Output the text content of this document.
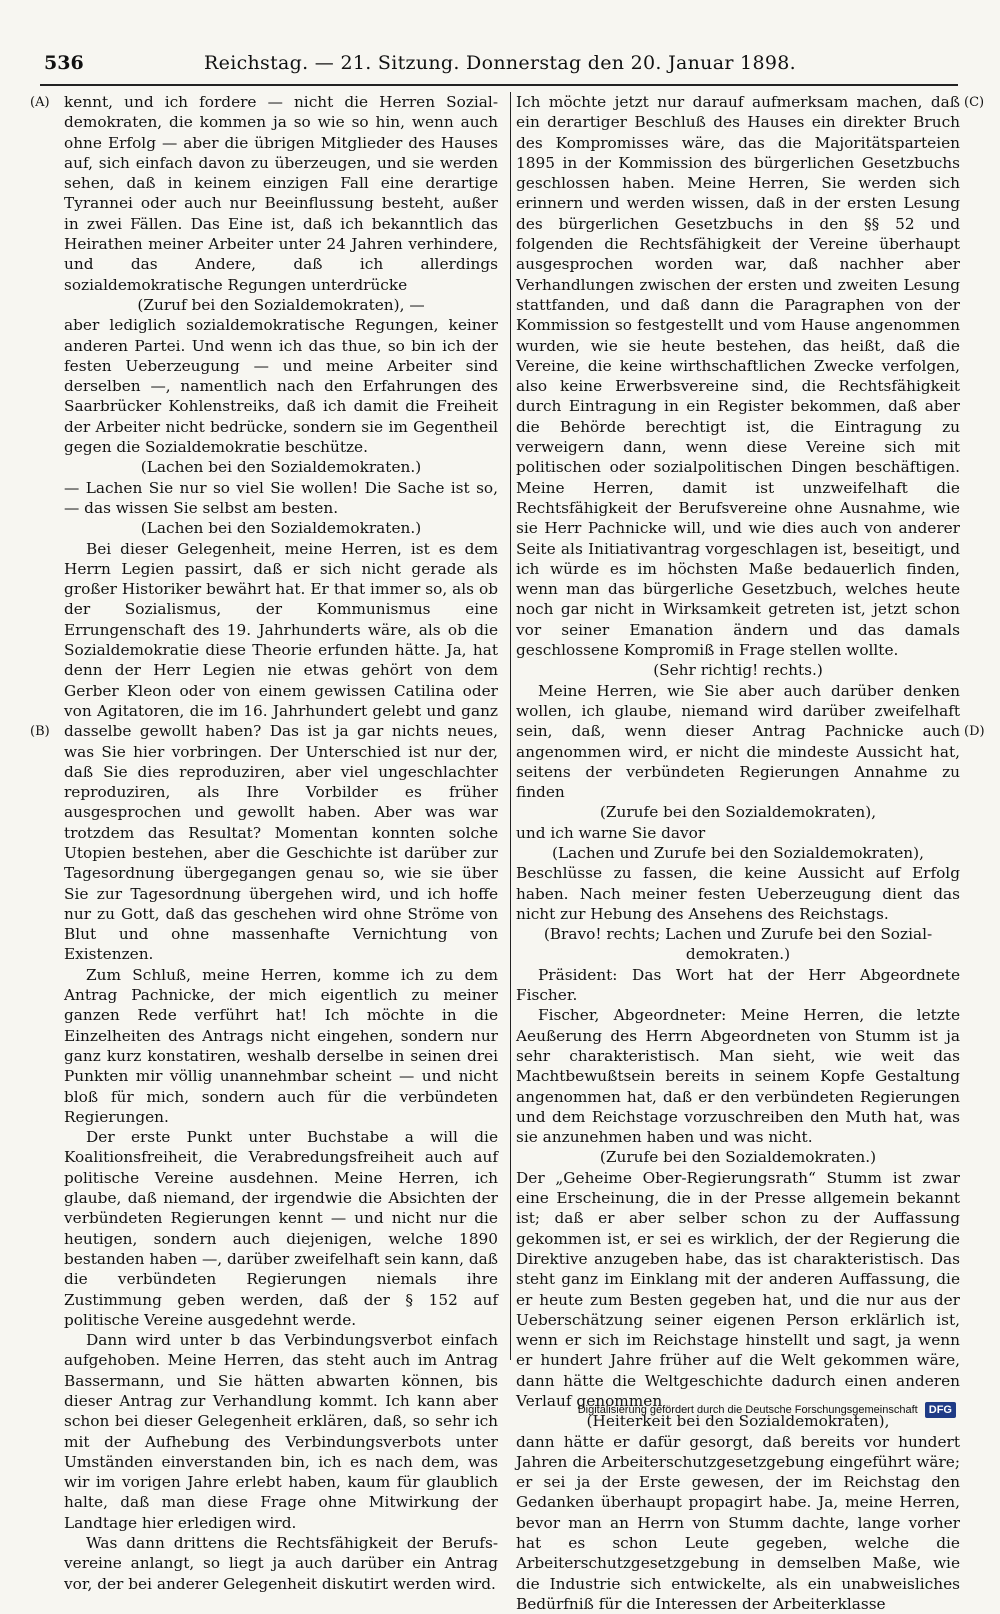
536	Reichstag. — 21. Sitzung. Donnerstag den 20. Januar 1898.
(A)
(B)
(C)
(D)

kennt, und ich fordere — nicht die Herren Sozialdemokraten, die kommen ja so wie so hin, wenn auch ohne Erfolg — aber die übrigen Mitglieder des Hauses auf, sich einfach davon zu überzeugen, und sie werden sehen, daß in keinem einzigen Fall eine derartige Tyrannei oder auch nur Beeinflussung besteht, außer in zwei Fällen. Das Eine ist, daß ich bekanntlich das Heirathen meiner Arbeiter unter 24 Jahren verhindere, und das Andere, daß ich allerdings sozialdemokratische Regungen unterdrücke

(Zuruf bei den Sozialdemokraten), —

aber lediglich sozialdemokratische Regungen, keiner anderen Partei. Und wenn ich das thue, so bin ich der festen Ueberzeugung — und meine Arbeiter sind derselben —, namentlich nach den Erfahrungen des Saarbrücker Kohlenstreiks, daß ich damit die Freiheit der Arbeiter nicht bedrücke, sondern sie im Gegentheil gegen die Sozialdemokratie beschütze.

(Lachen bei den Sozialdemokraten.)

— Lachen Sie nur so viel Sie wollen! Die Sache ist so, — das wissen Sie selbst am besten.

(Lachen bei den Sozialdemokraten.)

Bei dieser Gelegenheit, meine Herren, ist es dem Herrn Legien passirt, daß er sich nicht gerade als großer Historiker bewährt hat. Er that immer so, als ob der Sozialismus, der Kommunismus eine Errungenschaft des 19. Jahrhunderts wäre, als ob die Sozialdemokratie diese Theorie erfunden hätte. Ja, hat denn der Herr Legien nie etwas gehört von dem Gerber Kleon oder von einem gewissen Catilina oder von Agitatoren, die im 16. Jahrhundert gelebt und ganz dasselbe gewollt haben? Das ist ja gar nichts neues, was Sie hier vorbringen. Der Unterschied ist nur der, daß Sie dies reproduziren, aber viel ungeschlachter reproduziren, als Ihre Vorbilder es früher ausgesprochen und gewollt haben. Aber was war trotzdem das Resultat? Momentan konnten solche Utopien bestehen, aber die Geschichte ist darüber zur Tagesordnung übergegangen genau so, wie sie über Sie zur Tagesordnung übergehen wird, und ich hoffe nur zu Gott, daß das geschehen wird ohne Ströme von Blut und ohne massenhafte Vernichtung von Existenzen.

Zum Schluß, meine Herren, komme ich zu dem Antrag Pachnicke, der mich eigentlich zu meiner ganzen Rede verführt hat! Ich möchte in die Einzelheiten des Antrags nicht eingehen, sondern nur ganz kurz konstatiren, weshalb derselbe in seinen drei Punkten mir völlig unannehmbar scheint — und nicht bloß für mich, sondern auch für die verbündeten Regierungen.

Der erste Punkt unter Buchstabe a will die Koalitionsfreiheit, die Verabredungsfreiheit auch auf politische Vereine ausdehnen. Meine Herren, ich glaube, daß niemand, der irgendwie die Absichten der verbündeten Regierungen kennt — und nicht nur die heutigen, sondern auch diejenigen, welche 1890 bestanden haben —, darüber zweifelhaft sein kann, daß die verbündeten Regierungen niemals ihre Zustimmung geben werden, daß der § 152 auf politische Vereine ausgedehnt werde.

Dann wird unter b das Verbindungsverbot einfach aufgehoben. Meine Herren, das steht auch im Antrag Bassermann, und Sie hätten abwarten können, bis dieser Antrag zur Verhandlung kommt. Ich kann aber schon bei dieser Gelegenheit erklären, daß, so sehr ich mit der Aufhebung des Verbindungsverbots unter Umständen einverstanden bin, ich es nach dem, was wir im vorigen Jahre erlebt haben, kaum für glaublich halte, daß man diese Frage ohne Mitwirkung der Landtage hier erledigen wird.

Was dann drittens die Rechtsfähigkeit der Berufsvereine anlangt, so liegt ja auch darüber ein Antrag vor, der bei anderer Gelegenheit diskutirt werden wird.

Ich möchte jetzt nur darauf aufmerksam machen, daß ein derartiger Beschluß des Hauses ein direkter Bruch des Kompromisses wäre, das die Majoritätsparteien 1895 in der Kommission des bürgerlichen Gesetzbuchs geschlossen haben. Meine Herren, Sie werden sich erinnern und werden wissen, daß in der ersten Lesung des bürgerlichen Gesetzbuchs in den §§ 52 und folgenden die Rechtsfähigkeit der Vereine überhaupt ausgesprochen worden war, daß nachher aber Verhandlungen zwischen der ersten und zweiten Lesung stattfanden, und daß dann die Paragraphen von der Kommission so festgestellt und vom Hause angenommen wurden, wie sie heute bestehen, das heißt, daß die Vereine, die keine wirthschaftlichen Zwecke verfolgen, also keine Erwerbsvereine sind, die Rechtsfähigkeit durch Eintragung in ein Register bekommen, daß aber die Behörde berechtigt ist, die Eintragung zu verweigern dann, wenn diese Vereine sich mit politischen oder sozialpolitischen Dingen beschäftigen. Meine Herren, damit ist unzweifelhaft die Rechtsfähigkeit der Berufsvereine ohne Ausnahme, wie sie Herr Pachnicke will, und wie dies auch von anderer Seite als Initiativantrag vorgeschlagen ist, beseitigt, und ich würde es im höchsten Maße bedauerlich finden, wenn man das bürgerliche Gesetzbuch, welches heute noch gar nicht in Wirksamkeit getreten ist, jetzt schon vor seiner Emanation ändern und das damals geschlossene Kompromiß in Frage stellen wollte.

(Sehr richtig! rechts.)

Meine Herren, wie Sie aber auch darüber denken wollen, ich glaube, niemand wird darüber zweifelhaft sein, daß, wenn dieser Antrag Pachnicke auch angenommen wird, er nicht die mindeste Aussicht hat, seitens der verbündeten Regierungen Annahme zu finden

(Zurufe bei den Sozialdemokraten),

und ich warne Sie davor

(Lachen und Zurufe bei den Sozialdemokraten),

Beschlüsse zu fassen, die keine Aussicht auf Erfolg haben. Nach meiner festen Ueberzeugung dient das nicht zur Hebung des Ansehens des Reichstags.

(Bravo! rechts; Lachen und Zurufe bei den Sozialdemokraten.)

Präsident: Das Wort hat der Herr Abgeordnete Fischer.

Fischer, Abgeordneter: Meine Herren, die letzte Aeußerung des Herrn Abgeordneten von Stumm ist ja sehr charakteristisch. Man sieht, wie weit das Machtbewußtsein bereits in seinem Kopfe Gestaltung angenommen hat, daß er den verbündeten Regierungen und dem Reichstage vorzuschreiben den Muth hat, was sie anzunehmen haben und was nicht.

(Zurufe bei den Sozialdemokraten.)

Der „Geheime Ober-Regierungsrath“ Stumm ist zwar eine Erscheinung, die in der Presse allgemein bekannt ist; daß er aber selber schon zu der Auffassung gekommen ist, er sei es wirklich, der der Regierung die Direktive anzugeben habe, das ist charakteristisch. Das steht ganz im Einklang mit der anderen Auffassung, die er heute zum Besten gegeben hat, und die nur aus der Ueberschätzung seiner eigenen Person erklärlich ist, wenn er sich im Reichstage hinstellt und sagt, ja wenn er hundert Jahre früher auf die Welt gekommen wäre, dann hätte die Weltgeschichte dadurch einen anderen Verlauf genommen

(Heiterkeit bei den Sozialdemokraten),

dann hätte er dafür gesorgt, daß bereits vor hundert Jahren die Arbeiterschutzgesetzgebung eingeführt wäre; er sei ja der Erste gewesen, der im Reichstag den Gedanken überhaupt propagirt habe. Ja, meine Herren, bevor man an Herrn von Stumm dachte, lange vorher hat es schon Leute gegeben, welche die Arbeiterschutzgesetzgebung in demselben Maße, wie die Industrie sich entwickelte, als ein unabweisliches Bedürfniß für die Interessen der Arbeiterklasse

Digitalisierung gefördert durch die Deutsche Forschungsgemeinschaft DFG
